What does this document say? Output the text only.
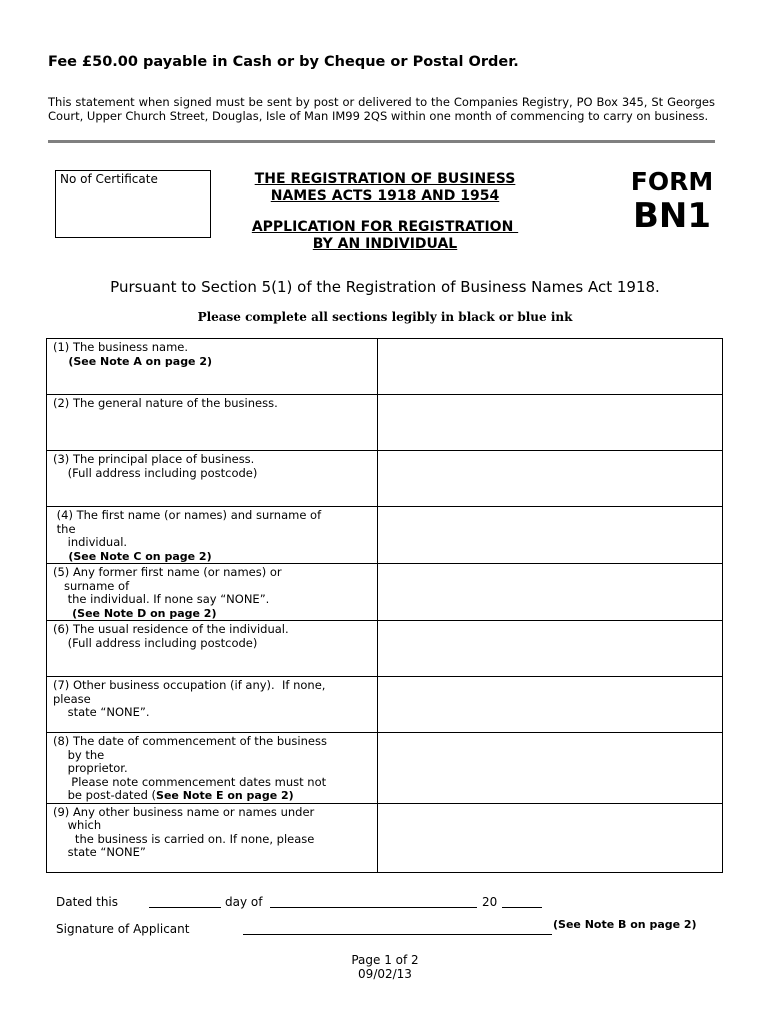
Fee £50.00 payable in Cash or by Cheque or Postal Order.
This statement when signed must be sent by post or delivered to the Companies Registry, PO Box 345, St Georges Court, Upper Church Street, Douglas, Isle of Man IM99 2QS within one month of commencing to carry on business.
No of Certificate	THE REGISTRATION OF BUSINESS
NAMES ACTS 1918 AND 1954
APPLICATION FOR REGISTRATION
BY AN INDIVIDUAL
FORM
BN1
Pursuant to Section 5(1) of the Registration of Business Names Act 1918.
Please complete all sections legibly in black or blue ink
(1) The business name.
(See Note A on page 2)	

(2) The general nature of the business.	

(3) The principal place of business.
(Full address including postcode)	

(4) The first name (or names) and surname of
the
individual.
(See Note C on page 2)	

(5) Any former first name (or names) or
surname of
the individual. If none say “NONE”.
(See Note D on page 2)	

(6) The usual residence of the individual.
(Full address including postcode)	

(7) Other business occupation (if any).  If none,
please
state “NONE”.	

(8) The date of commencement of the business
by the
proprietor.
Please note commencement dates must not
be post-dated (See Note E on page 2)	

(9) Any other business name or names under
which
the business is carried on. If none, please
state “NONE”	

Dated this	day of	20
Signature of Applicant	(See Note B on page 2)
Page 1 of 2
09/02/13
